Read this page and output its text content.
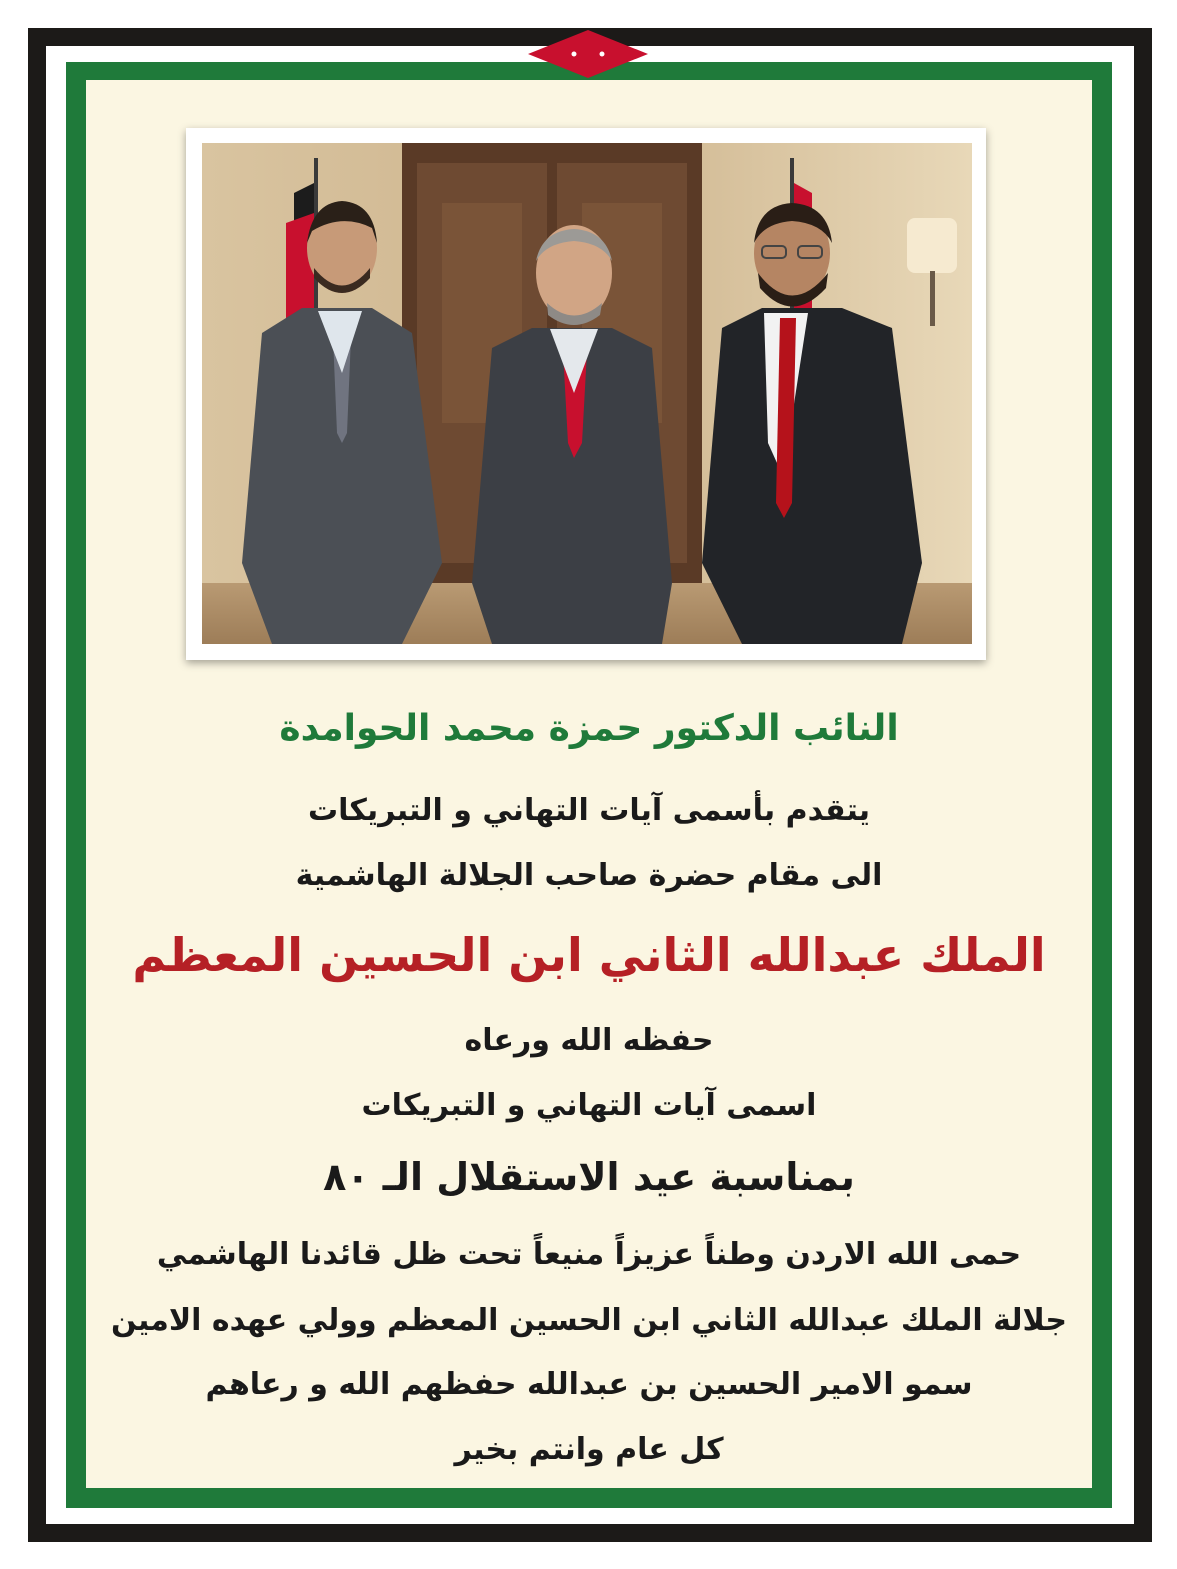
النائب الدكتور حمزة محمد الحوامدة
يتقدم بأسمى آيات التهاني و التبريكات
الى مقام حضرة صاحب الجلالة الهاشمية
الملك عبدالله الثاني ابن الحسين المعظم
حفظه الله ورعاه
اسمى آيات التهاني و التبريكات
بمناسبة عيد الاستقلال الـ ٨٠
حمى الله الاردن وطناً عزيزاً منيعاً تحت ظل قائدنا الهاشمي
جلالة الملك عبدالله الثاني ابن الحسين المعظم وولي عهده الامين
سمو الامير الحسين بن عبدالله حفظهم الله و رعاهم
كل عام وانتم بخير
